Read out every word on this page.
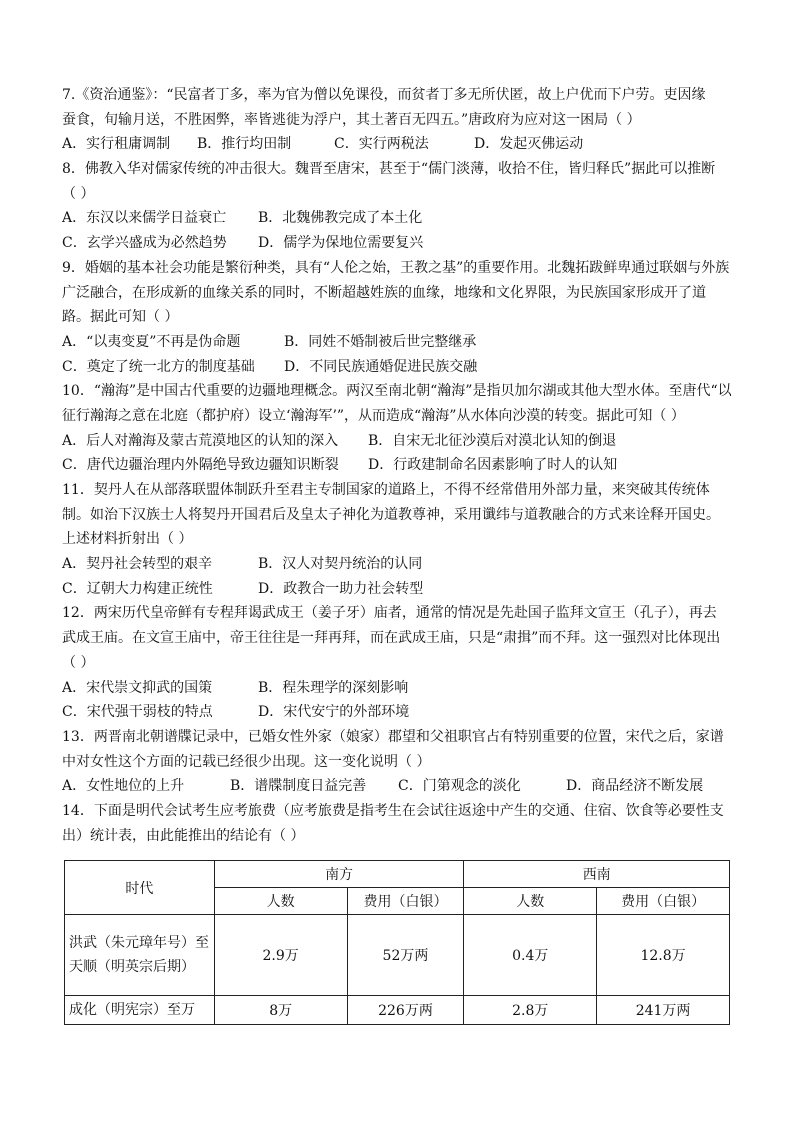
7.《资治通鉴》：“民富者丁多，率为官为僧以免课役，而贫者丁多无所伏匿，故上户优而下户劳。吏因缘
蚕食，旬输月送，不胜困弊，率皆逃徙为浮户，其土著百无四五。”唐政府为应对这一困局（ ）
A．实行租庸调制	B．推行均田制	C．实行两税法	D．发起灭佛运动
8．佛教入华对儒家传统的冲击很大。魏晋至唐宋，甚至于“儒门淡薄，收拾不住，皆归释氏”据此可以推断
（ ）
A．东汉以来儒学日益衰亡	B．北魏佛教完成了本土化
C．玄学兴盛成为必然趋势	D．儒学为保地位需要复兴
9．婚姻的基本社会功能是繁衍种类，具有“人伦之始，王教之基”的重要作用。北魏拓跋鲜卑通过联姻与外族
广泛融合，在形成新的血缘关系的同时，不断超越姓族的血缘，地缘和文化界限，为民族国家形成开了道
路。据此可知（ ）
A．“以夷变夏”不再是伪命题	B．同姓不婚制被后世完整继承
C．奠定了统一北方的制度基础	D．不同民族通婚促进民族交融
10．“瀚海”是中国古代重要的边疆地理概念。两汉至南北朝“瀚海”是指贝加尔湖或其他大型水体。至唐代“以
征行瀚海之意在北庭（都护府）设立‘瀚海军’”，从而造成“瀚海”从水体向沙漠的转变。据此可知（ ）
A．后人对瀚海及蒙古荒漠地区的认知的深入	B．自宋无北征沙漠后对漠北认知的倒退
C．唐代边疆治理内外隔绝导致边疆知识断裂	D．行政建制命名因素影响了时人的认知
11．契丹人在从部落联盟体制跃升至君主专制国家的道路上，不得不经常借用外部力量，来突破其传统体
制。如治下汉族士人将契丹开国君后及皇太子神化为道教尊神，采用谶纬与道教融合的方式来诠释开国史。
上述材料折射出（ ）
A．契丹社会转型的艰辛	B．汉人对契丹统治的认同
C．辽朝大力构建正统性	D．政教合一助力社会转型
12．两宋历代皇帝鲜有专程拜谒武成王（姜子牙）庙者，通常的情况是先赴国子监拜文宣王（孔子），再去
武成王庙。在文宣王庙中，帝王往往是一拜再拜，而在武成王庙，只是“肃揖”而不拜。这一强烈对比体现出
（ ）
A．宋代崇文抑武的国策	B．程朱理学的深刻影响
C．宋代强干弱枝的特点	D．宋代安宁的外部环境
13．两晋南北朝谱牒记录中，已婚女性外家（娘家）郡望和父祖职官占有特别重要的位置，宋代之后，家谱
中对女性这个方面的记载已经很少出现。这一变化说明（ ）
A．女性地位的上升	B．谱牒制度日益完善	C．门第观念的淡化	D．商品经济不断发展
14．下面是明代会试考生应考旅费（应考旅费是指考生在会试往返途中产生的交通、住宿、饮食等必要性支
出）统计表，由此能推出的结论有（ ）
时代	南方		西南	
	人数	费用（白银）	人数	费用（白银）
洪武（朱元璋年号）至天顺（明英宗后期）	2.9万	52万两	0.4万	12.8万
成化（明宪宗）至万	8万	226万两	2.8万	241万两
